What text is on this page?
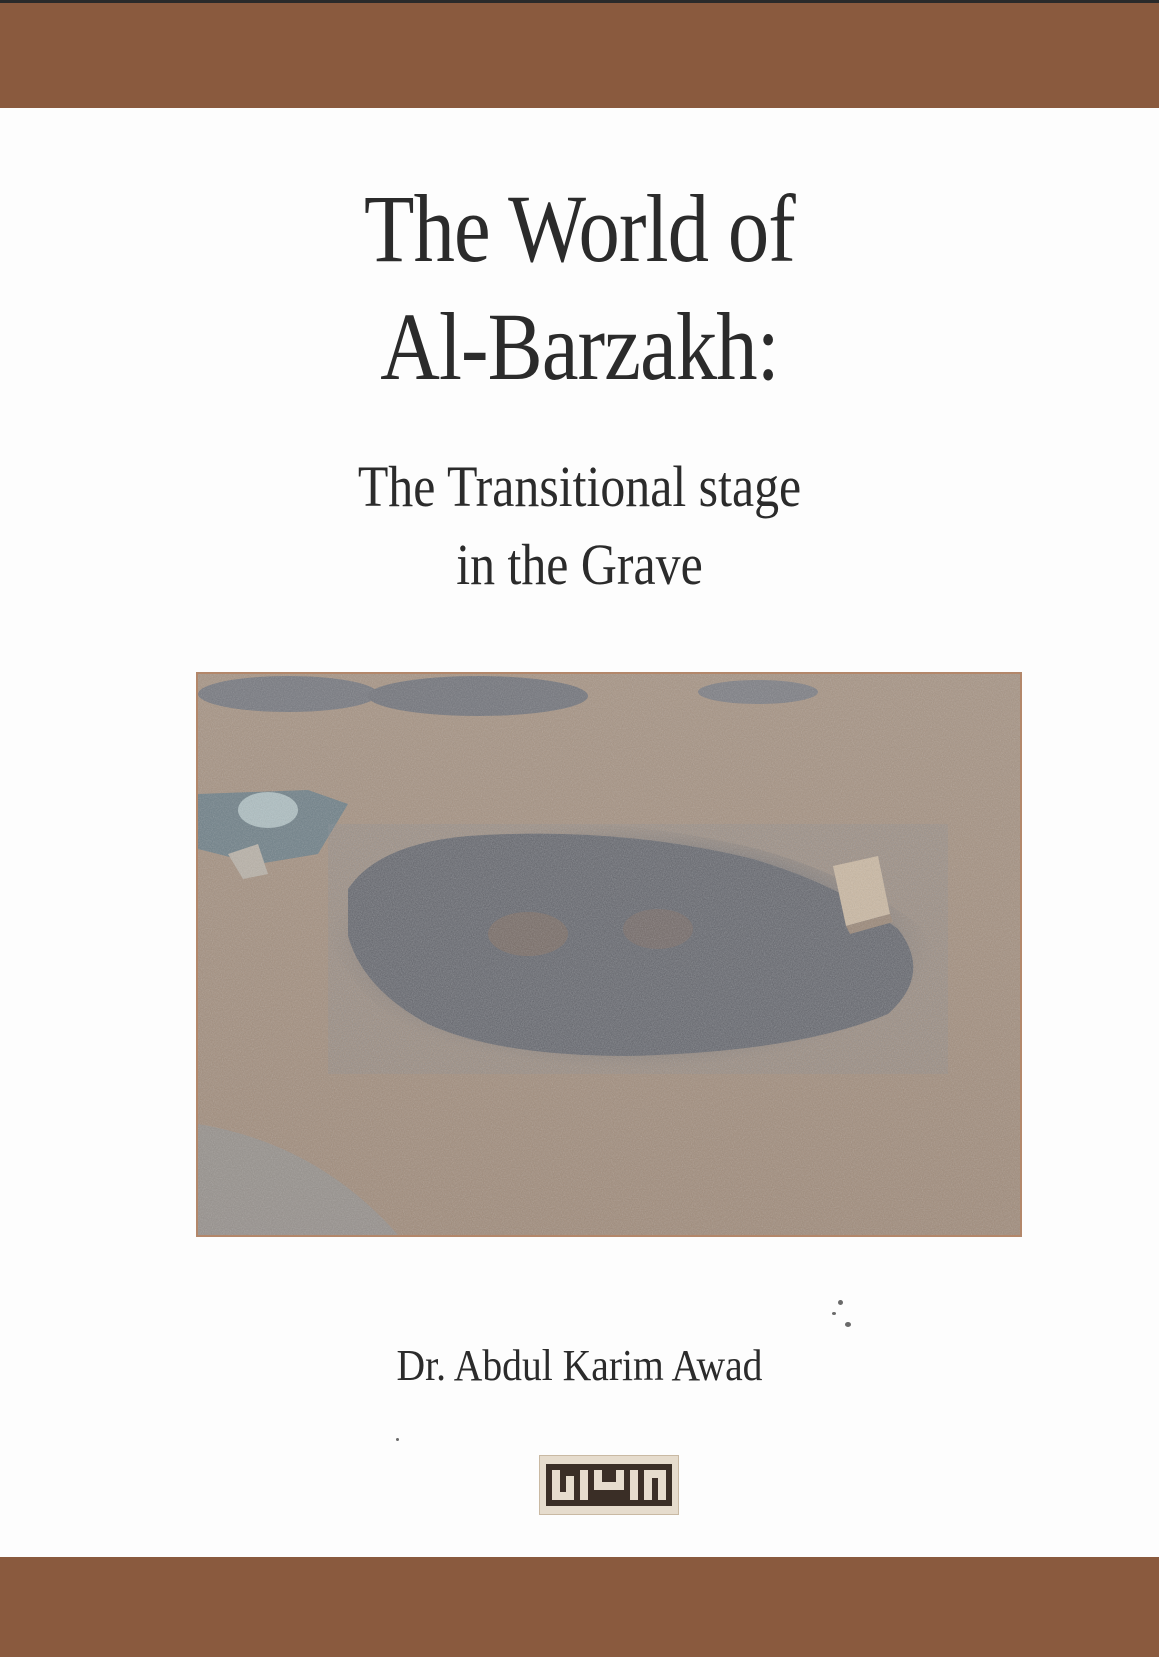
The World of
Al-Barzakh:
The Transitional stage
in the Grave
Dr. Abdul Karim Awad
